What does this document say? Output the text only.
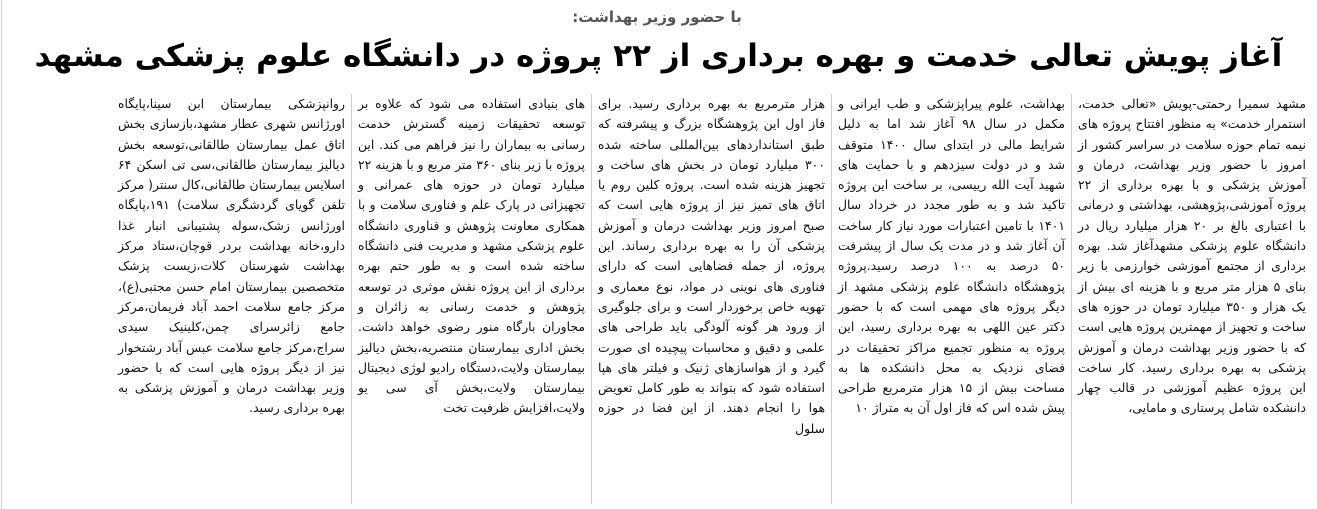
با حضور وزیر بهداشت:
آغاز پویش تعالی خدمت و بهره برداری از ۲۲ پروژه در دانشگاه علوم پزشکی مشهد
مشهد سمیرا رحمتی-پویش «تعالی خدمت، استمرار خدمت» به منظور افتتاح پروژه های نیمه تمام حوزه سلامت در سراسر کشور از امروز با حضور وزیر بهداشت، درمان و آموزش پزشکی و با بهره برداری از ۲۲ پروژه آموزشی،پژوهشی، بهداشتی و درمانی با اعتباری بالغ بر ۲۰ هزار میلیارد ریال در دانشگاه علوم پزشکی مشهدآغاز شد. بهره برداری از مجتمع آموزشی خوارزمی با زیر بنای ۵ هزار متر مربع و با هزینه ای بیش از یک هزار و ۳۵۰ میلیارد تومان در حوزه های ساخت و تجهیز از مهمترین پروژه هایی است که با حضور وزیر بهداشت درمان و آموزش پزشکی به بهره برداری رسید. کار ساخت این پروژه عظیم آموزشی در قالب چهار دانشکده شامل پرستاری و مامایی،
بهداشت، علوم پیراپزشکی و طب ایرانی و مکمل در سال ۹۸ آغاز شد اما به دلیل شرایط مالی در ابتدای سال ۱۴۰۰ متوقف شد و در دولت سیزدهم و با حمایت های شهید آیت الله رییسی، بر ساخت این پروژه تاکید شد و به طور مجدد در خرداد سال ۱۴۰۱ با تامین اعتبارات مورد نیاز کار ساخت آن آغاز شد و در مدت یک سال از پیشرفت ۵۰ درصد به ۱۰۰ درصد رسید.پروژه پژوهشگاه دانشگاه علوم پزشکی مشهد از دیگر پروژه های مهمی است که با حضور دکتر عین اللهی به بهره برداری رسید، این پروژه به منظور تجمیع مراکز تحقیقات در فضای نزدیک به محل دانشکده ها به مساحت بیش از ۱۵ هزار مترمربع طراحی پیش شده اس که فاز اول آن به متراژ ۱۰
هزار مترمربع به بهره برداری رسید. برای فاز اول این پژوهشگاه بزرگ و پیشرفته که طبق استانداردهای بین‌المللی ساخته شده ۳۰۰ میلیارد تومان در بخش های ساخت و تجهیز هزینه شده است. پروژه کلین روم یا اتاق های تمیز نیز از پروژه هایی است که صبح امروز وزیر بهداشت درمان و آموزش پزشکی آن را به بهره برداری رساند. این پروژه، از جمله فضاهایی است که دارای فناوری های نوینی در مواد، نوع معماری و تهویه خاص برخوردار است و برای جلوگیری از ورود هر گونه آلودگی باید طراحی های علمی و دقیق و محاسبات پیچیده ای صورت گیرد و از هواسازهای ژنیک و فیلتر های هپا استفاده شود که بتواند به طور کامل تعویض هوا را انجام دهند. از این فضا در حوزه سلول
های بنیادی استفاده می شود که علاوه بر توسعه تحقیقات زمینه گسترش خدمت رسانی به بیماران را نیز فراهم می کند. این پروژه با زیر بنای ۳۶۰ متر مربع و با هزینه ۲۲ میلیارد تومان در حوزه های عمرانی و تجهیزاتی در پارک علم و فناوری سلامت و با همکاری معاونت پژوهش و فناوری دانشگاه علوم پزشکی مشهد و مدیریت فنی دانشگاه ساخته شده است و به طور حتم بهره برداری از این پروژه نقش موثری در توسعه پژوهش و خدمت رسانی به زائران و مجاوران بارگاه منور رضوی خواهد داشت. بخش اداری بیمارستان منتصریه،بخش دیالیز بیمارستان ولایت،دستگاه رادیو لوژی دیجیتال بیمارستان ولایت،بخش آی سی یو ولایت،افزایش ظرفیت تخت
روانپزشکی بیمارستان ابن سینا،پایگاه اورژانس شهری عطار مشهد،بازسازی بخش اتاق عمل بیمارستان طالقانی،توسعه بخش دیالیز بیمارستان طالقانی،سی تی اسکن ۶۴ اسلایس بیمارستان طالقانی،کال سنتر( مرکز تلفن گویای گردشگری سلامت) ۱۹۱،پایگاه اورژانس زشک،سوله پشتیبانی انبار غذا دارو،خانه بهداشت بردر قوچان،ستاد مرکز بهداشت شهرستان کلات،زیست پزشک متخصصین بیمارستان امام حسن مجتبی(ع)، مرکز جامع سلامت احمد آباد فریمان،مرکز جامع زائرسرای چمن،کلینیک سیدی سراج،مرکز جامع سلامت عبس آباد رشتخوار نیز از دیگر پروژه هایی است که با حضور وزیر بهداشت درمان و آموزش پزشکی به بهره برداری رسید.
